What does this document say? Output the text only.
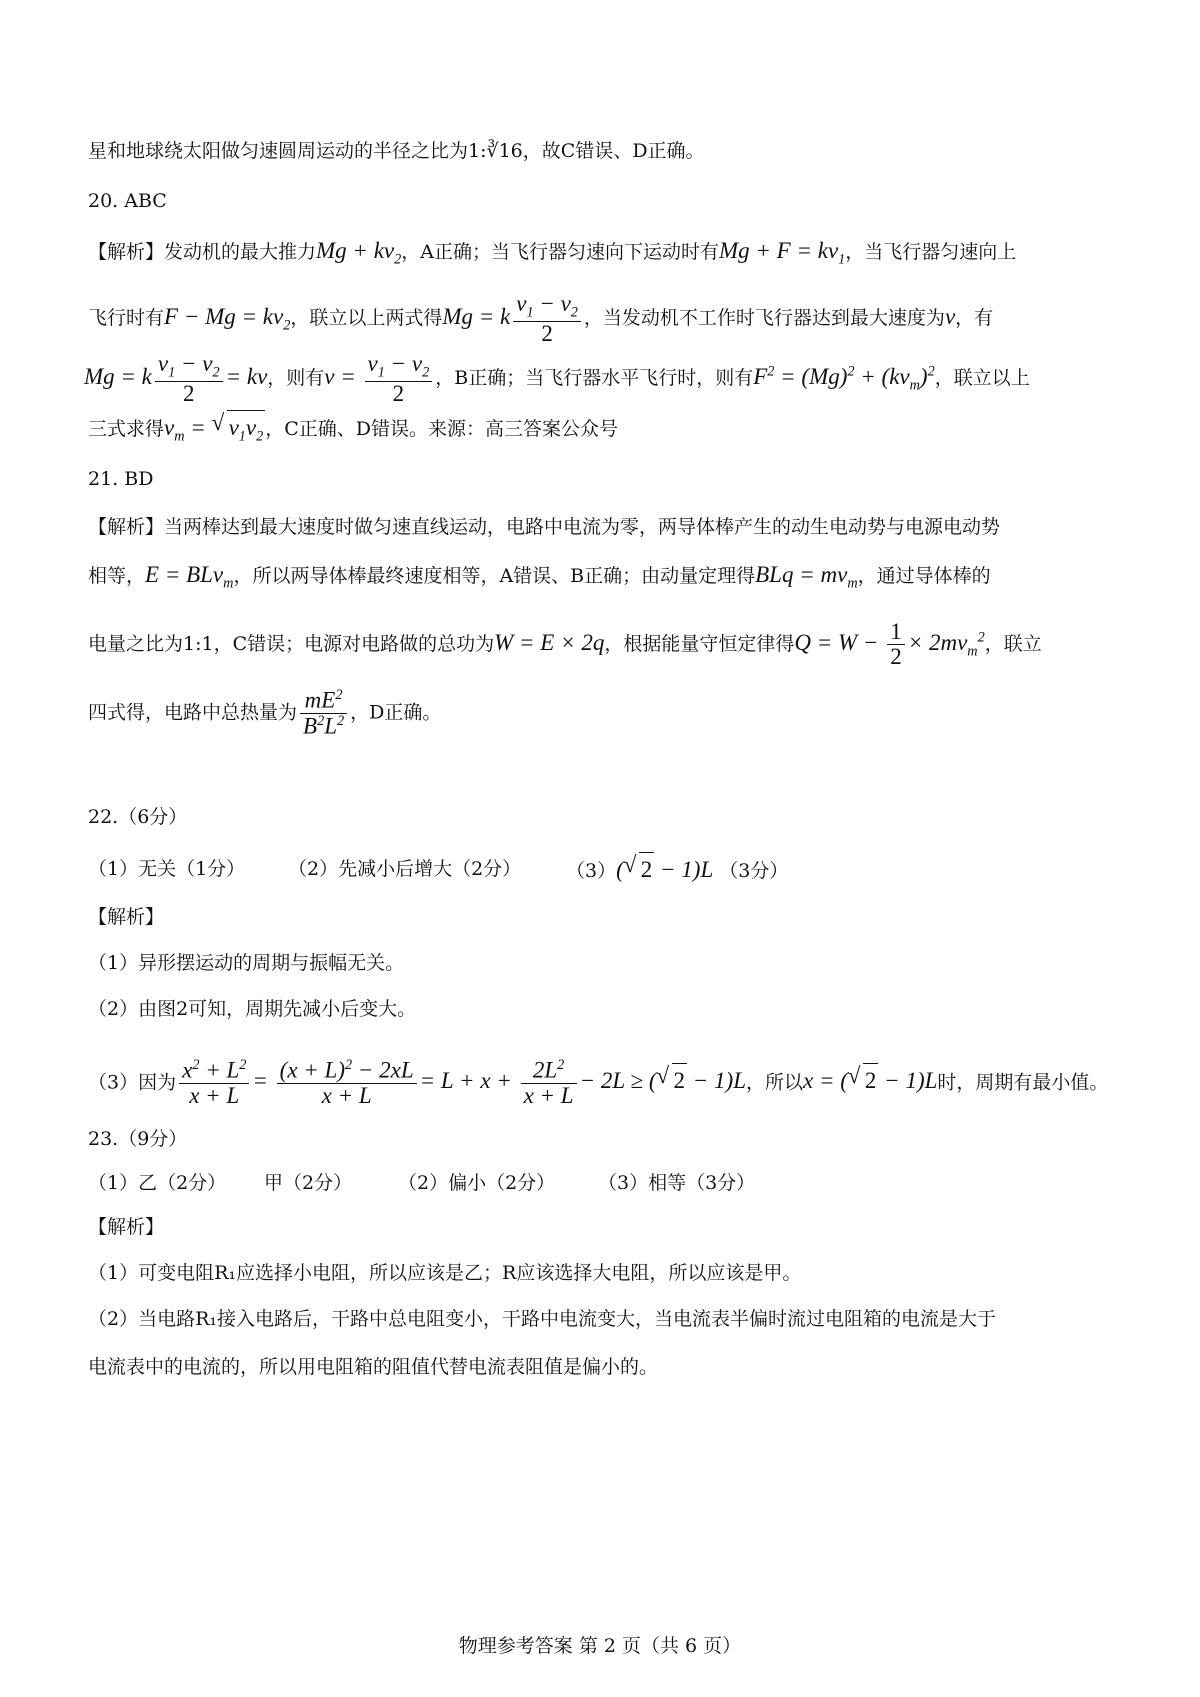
星和地球绕太阳做匀速圆周运动的半径之比为1:∛16，故C错误、D正确。
20. ABC
【解析】发动机的最大推力$Mg + kv_2$，A正确；当飞行器匀速向下运动时有$Mg + F = kv_1$，当飞行器匀速向上
飞行时有$F - Mg = kv_2$，联立以上两式得Mg = k $\frac{v_1 - v_2}{2}$ ，当发动机不工作时飞行器达到最大速度为v，有
Mg = k $\frac{v_1 - v_2}{2}$ = kv，则有$v = \frac{v_1 - v_2}{2}$ ，B正确；当飞行器水平飞行时，则有$F^2 = (Mg)^2 + (kv_m)^2$，联立以上
三式求得$v_m$ = √ $v_1v_2$ ，C正确、D错误。来源：高三答案公众号
21. BD
【解析】当两棒达到最大速度时做匀速直线运动，电路中电流为零，两导体棒产生的动生电动势与电源电动势
相等，E = BLv$_m$，所以两导体棒最终速度相等，A错误、B正确；由动量定理得BLq = $mv_m$，通过导体棒的
电量之比为1:1，C错误；电源对电路做的总功为W = E × 2q，根据能量守恒定律得$Q = W - \frac{1}{2} \times 2mv_m^2$，联立
四式得，电路中总热量为 $\frac{mE^2}{B^2L^2}$ ，D正确。
22.（6分）
（1）无关（1分） （2）先减小后增大（2分） （3）( √ 2 − 1)L （3分）
【解析】
（1）异形摆运动的周期与振幅无关。
（2）由图2可知，周期先减小后变大。
（3）因为 $\frac{x^2 + L^2}{x + L} = \frac{(x + L)^2 - 2xL}{x + L} = L + x + \frac{2L^2}{x + L} - 2L$ ≥ ( √ 2 − 1)L，所以x = ( √ 2 − 1)L时，周期有最小值。
23.（9分）
（1）乙（2分） 甲（2分） （2）偏小（2分） （3）相等（3分）
【解析】
（1）可变电阻R₁应选择小电阻，所以应该是乙；R应该选择大电阻，所以应该是甲。
（2）当电路R₁接入电路后，干路中总电阻变小，干路中电流变大，当电流表半偏时流过电阻箱的电流是大于
电流表中的电流的，所以用电阻箱的阻值代替电流表阻值是偏小的。
物理参考答案 第 2 页（共 6 页）
